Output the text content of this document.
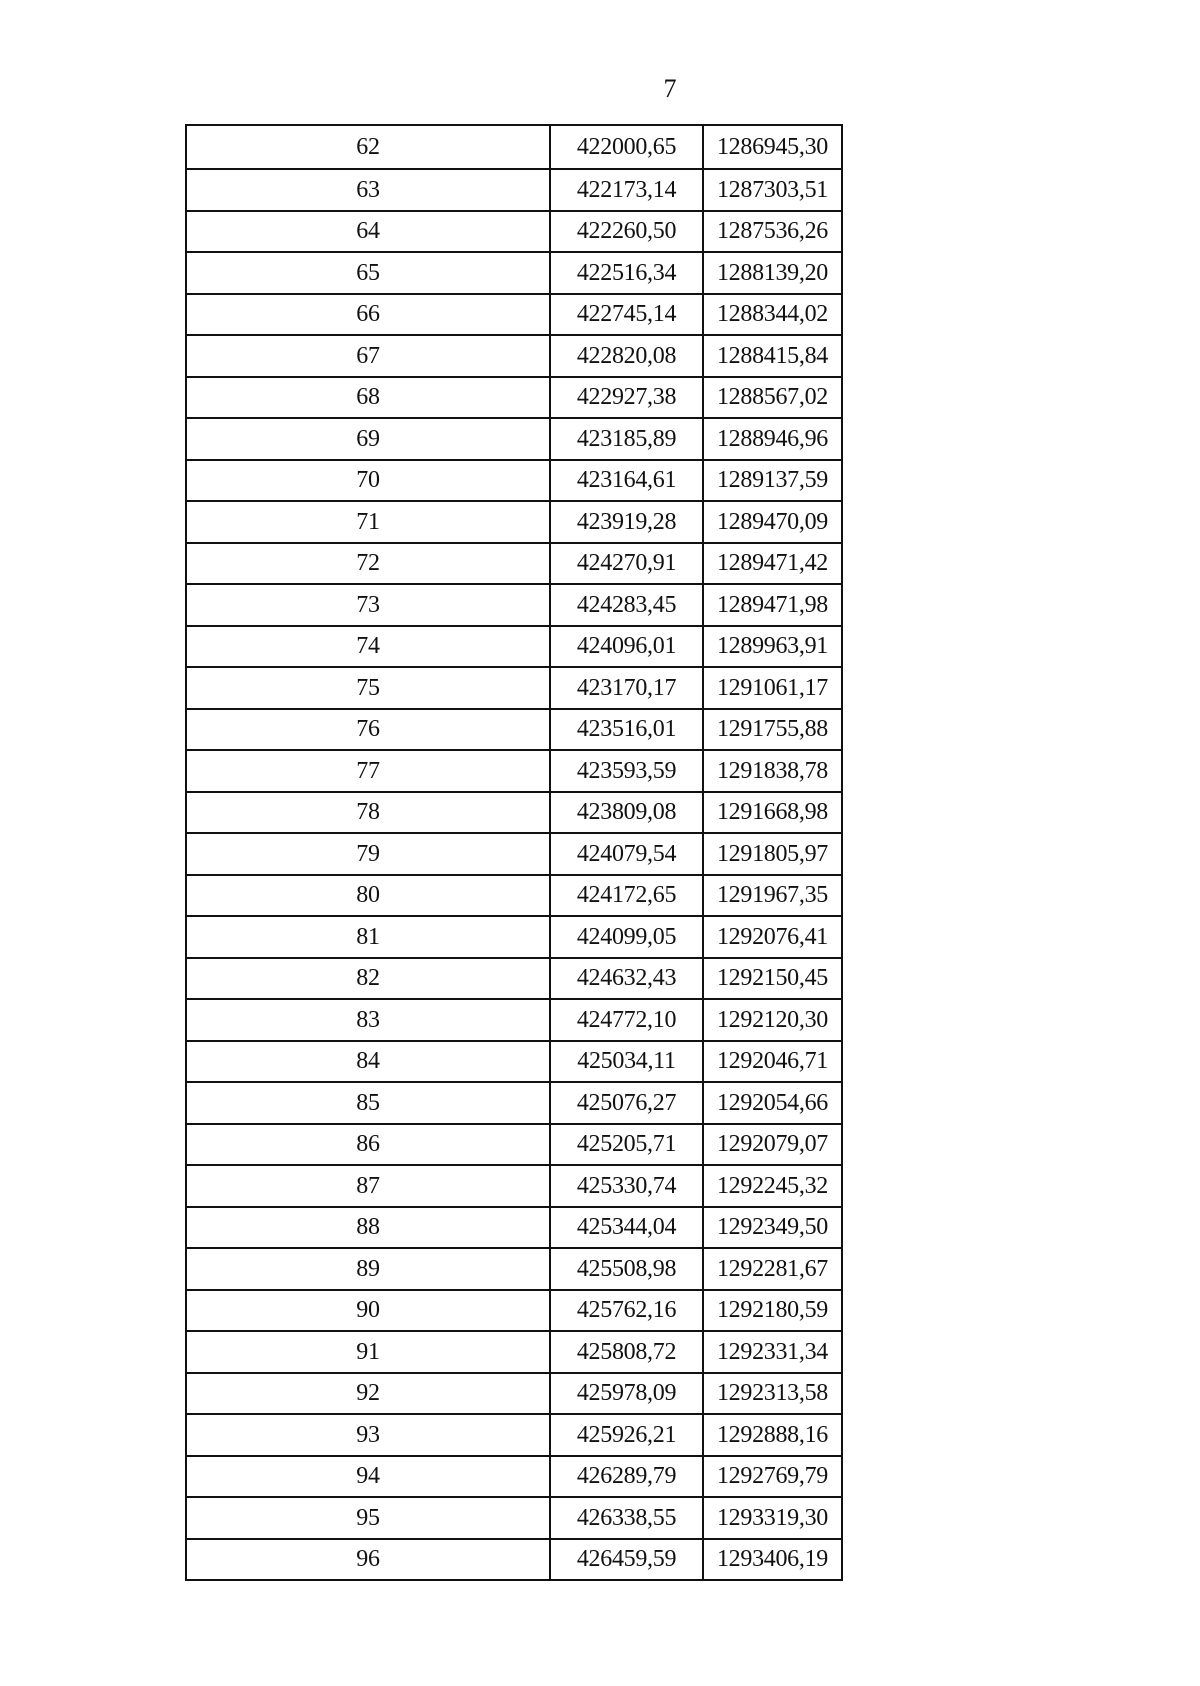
7
62	422000,65	1286945,30
63	422173,14	1287303,51
64	422260,50	1287536,26
65	422516,34	1288139,20
66	422745,14	1288344,02
67	422820,08	1288415,84
68	422927,38	1288567,02
69	423185,89	1288946,96
70	423164,61	1289137,59
71	423919,28	1289470,09
72	424270,91	1289471,42
73	424283,45	1289471,98
74	424096,01	1289963,91
75	423170,17	1291061,17
76	423516,01	1291755,88
77	423593,59	1291838,78
78	423809,08	1291668,98
79	424079,54	1291805,97
80	424172,65	1291967,35
81	424099,05	1292076,41
82	424632,43	1292150,45
83	424772,10	1292120,30
84	425034,11	1292046,71
85	425076,27	1292054,66
86	425205,71	1292079,07
87	425330,74	1292245,32
88	425344,04	1292349,50
89	425508,98	1292281,67
90	425762,16	1292180,59
91	425808,72	1292331,34
92	425978,09	1292313,58
93	425926,21	1292888,16
94	426289,79	1292769,79
95	426338,55	1293319,30
96	426459,59	1293406,19
